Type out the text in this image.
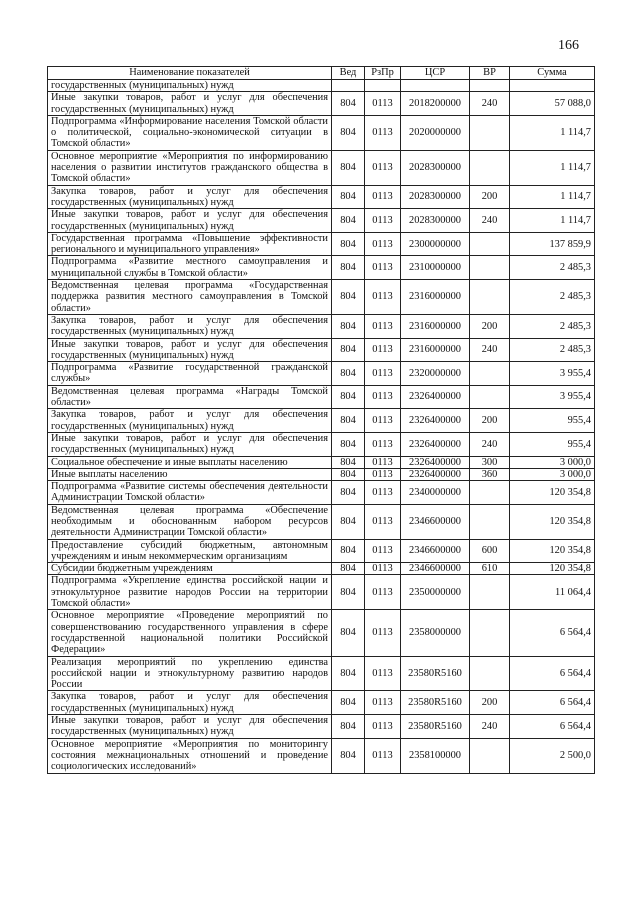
166
Наименование показателей	Вед	РзПр	ЦСР	ВР	Сумма
государственных (муниципальных) нужд					
Иные закупки товаров, работ и услуг для обеспечения государственных (муниципальных) нужд	804	0113	2018200000	240	57 088,0
Подпрограмма «Информирование населения Томской области о политической, социально-экономической ситуации в Томской области»	804	0113	2020000000		1 114,7
Основное мероприятие «Мероприятия по информированию населения о развитии институтов гражданского общества в Томской области»	804	0113	2028300000		1 114,7
Закупка товаров, работ и услуг для обеспечения государственных (муниципальных) нужд	804	0113	2028300000	200	1 114,7
Иные закупки товаров, работ и услуг для обеспечения государственных (муниципальных) нужд	804	0113	2028300000	240	1 114,7
Государственная программа «Повышение эффективности регионального и муниципального управления»	804	0113	2300000000		137 859,9
Подпрограмма «Развитие местного самоуправления и муниципальной службы в Томской области»	804	0113	2310000000		2 485,3
Ведомственная целевая программа «Государственная поддержка развития местного самоуправления в Томской области»	804	0113	2316000000		2 485,3
Закупка товаров, работ и услуг для обеспечения государственных (муниципальных) нужд	804	0113	2316000000	200	2 485,3
Иные закупки товаров, работ и услуг для обеспечения государственных (муниципальных) нужд	804	0113	2316000000	240	2 485,3
Подпрограмма «Развитие государственной гражданской службы»	804	0113	2320000000		3 955,4
Ведомственная целевая программа «Награды Томской области»	804	0113	2326400000		3 955,4
Закупка товаров, работ и услуг для обеспечения государственных (муниципальных) нужд	804	0113	2326400000	200	955,4
Иные закупки товаров, работ и услуг для обеспечения государственных (муниципальных) нужд	804	0113	2326400000	240	955,4
Социальное обеспечение и иные выплаты населению	804	0113	2326400000	300	3 000,0
Иные выплаты населению	804	0113	2326400000	360	3 000,0
Подпрограмма «Развитие системы обеспечения деятельности Администрации Томской области»	804	0113	2340000000		120 354,8
Ведомственная целевая программа «Обеспечение необходимым и обоснованным набором ресурсов деятельности Администрации Томской области»	804	0113	2346600000		120 354,8
Предоставление субсидий бюджетным, автономным учреждениям и иным некоммерческим организациям	804	0113	2346600000	600	120 354,8
Субсидии бюджетным учреждениям	804	0113	2346600000	610	120 354,8
Подпрограмма «Укрепление единства российской нации и этнокультурное развитие народов России на территории Томской области»	804	0113	2350000000		11 064,4
Основное мероприятие «Проведение мероприятий по совершенствованию государственного управления в сфере государственной национальной политики Российской Федерации»	804	0113	2358000000		6 564,4
Реализация мероприятий по укреплению единства российской нации и этнокультурному развитию народов России	804	0113	23580R5160		6 564,4
Закупка товаров, работ и услуг для обеспечения государственных (муниципальных) нужд	804	0113	23580R5160	200	6 564,4
Иные закупки товаров, работ и услуг для обеспечения государственных (муниципальных) нужд	804	0113	23580R5160	240	6 564,4
Основное мероприятие «Мероприятия по мониторингу состояния межнациональных отношений и проведение социологических исследований»	804	0113	2358100000		2 500,0
